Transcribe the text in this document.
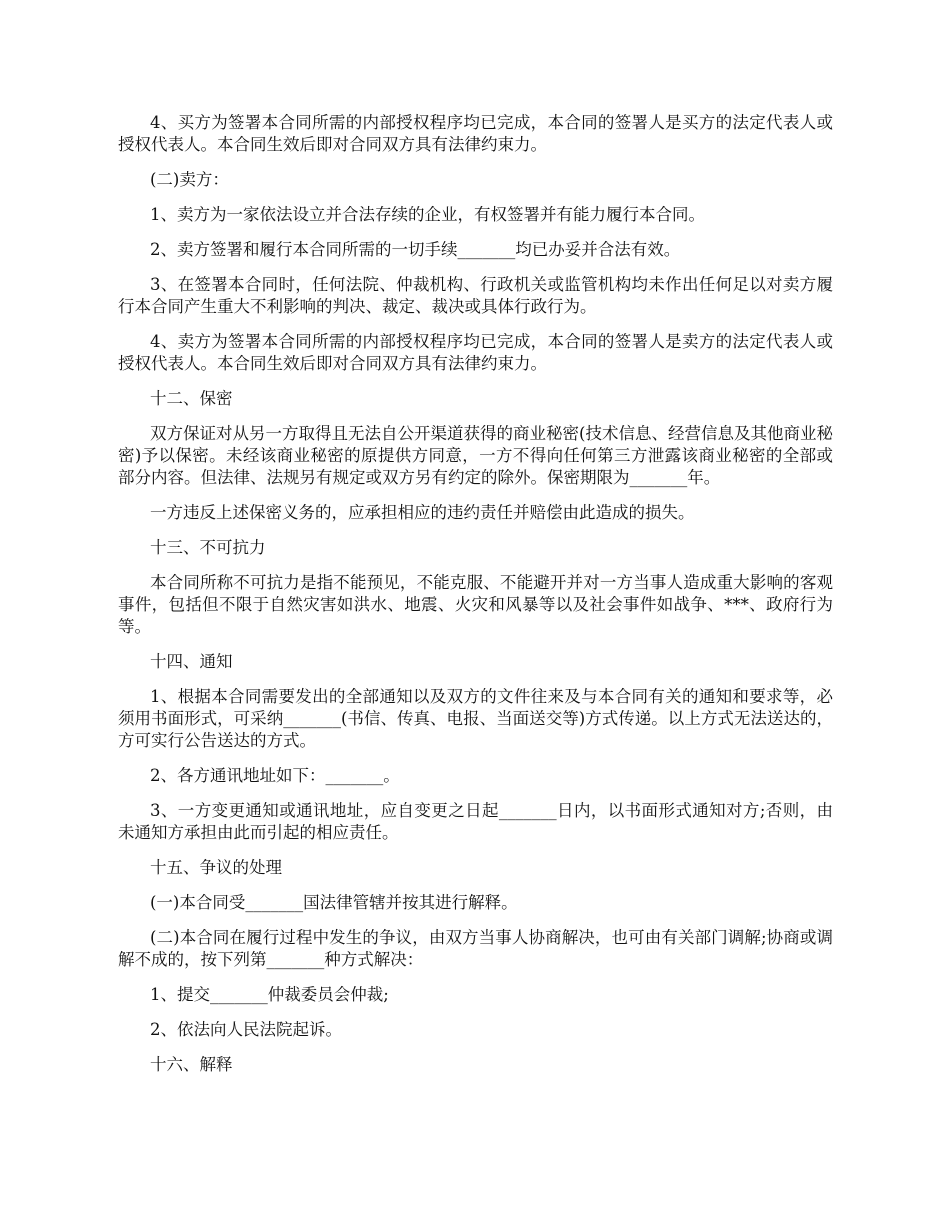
4、买方为签署本合同所需的内部授权程序均已完成，本合同的签署人是买方的法定代表人或授权代表人。本合同生效后即对合同双方具有法律约束力。

(二)卖方：

1、卖方为一家依法设立并合法存续的企业，有权签署并有能力履行本合同。

2、卖方签署和履行本合同所需的一切手续_______均已办妥并合法有效。

3、在签署本合同时，任何法院、仲裁机构、行政机关或监管机构均未作出任何足以对卖方履行本合同产生重大不利影响的判决、裁定、裁决或具体行政行为。

4、卖方为签署本合同所需的内部授权程序均已完成，本合同的签署人是卖方的法定代表人或授权代表人。本合同生效后即对合同双方具有法律约束力。

十二、保密

双方保证对从另一方取得且无法自公开渠道获得的商业秘密(技术信息、经营信息及其他商业秘密)予以保密。未经该商业秘密的原提供方同意，一方不得向任何第三方泄露该商业秘密的全部或部分内容。但法律、法规另有规定或双方另有约定的除外。保密期限为_______年。

一方违反上述保密义务的，应承担相应的违约责任并赔偿由此造成的损失。

十三、不可抗力

本合同所称不可抗力是指不能预见，不能克服、不能避开并对一方当事人造成重大影响的客观事件，包括但不限于自然灾害如洪水、地震、火灾和风暴等以及社会事件如战争、***、政府行为等。

十四、通知

1、根据本合同需要发出的全部通知以及双方的文件往来及与本合同有关的通知和要求等，必须用书面形式，可采纳_______(书信、传真、电报、当面送交等)方式传递。以上方式无法送达的，方可实行公告送达的方式。

2、各方通讯地址如下：_______。

3、一方变更通知或通讯地址，应自变更之日起_______日内，以书面形式通知对方;否则，由未通知方承担由此而引起的相应责任。

十五、争议的处理

(一)本合同受_______国法律管辖并按其进行解释。

(二)本合同在履行过程中发生的争议，由双方当事人协商解决，也可由有关部门调解;协商或调解不成的，按下列第_______种方式解决：

1、提交_______仲裁委员会仲裁;

2、依法向人民法院起诉。

十六、解释
